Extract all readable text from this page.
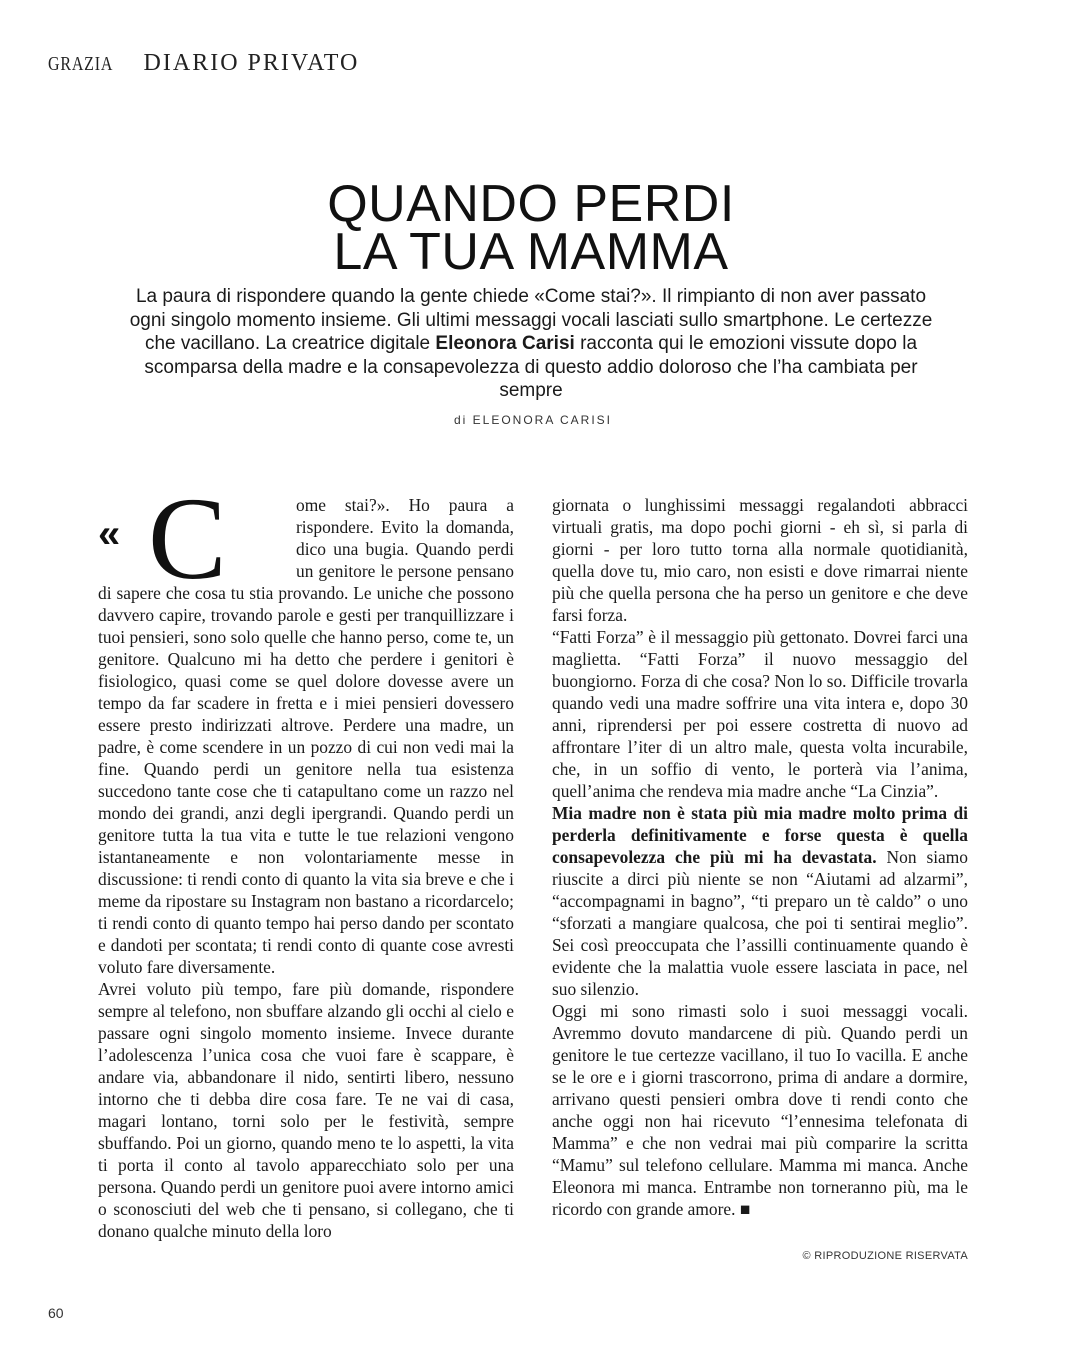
GRAZIA DIARIO PRIVATO
QUANDO PERDI
LA TUA MAMMA
La paura di rispondere quando la gente chiede «Come stai?». Il rimpianto di non aver passato ogni singolo momento insieme. Gli ultimi messaggi vocali lasciati sullo smartphone. Le certezze che vacillano. La creatrice digitale Eleonora Carisi racconta qui le emozioni vissute dopo la scomparsa della madre e la consapevolezza di questo addio doloroso che l’ha cambiata per sempre
di ELEONORA CARISI
« C	ome stai?». Ho paura a rispondere. Evito la domanda, dico una bugia. Quando perdi un genitore le persone pensano di sapere che cosa tu stia provando. Le uniche che possono davvero capire, trovando parole e gesti per tranquillizzare i tuoi pensieri, sono solo quelle che hanno perso, come te, un genitore. Qualcuno mi ha detto che perdere i genitori è fisiologico, quasi come se quel dolore dovesse avere un tempo da far scadere in fretta e i miei pensieri dovessero essere presto indirizzati altrove. Perdere una madre, un padre, è come scendere in un pozzo di cui non vedi mai la fine. Quando perdi un genitore nella tua esistenza succedono tante cose che ti catapultano come un razzo nel mondo dei grandi, anzi degli ipergrandi. Quando perdi un genitore tutta la tua vita e tutte le tue relazioni vengono istantaneamente e non volontariamente messe in discussione: ti rendi conto di quanto la vita sia breve e che i meme da ripostare su Instagram non bastano a ricordarcelo; ti rendi conto di quanto tempo hai perso dando per scontato e dandoti per scontata; ti rendi conto di quante cose avresti voluto fare diversamente.

Avrei voluto più tempo, fare più domande, rispondere sempre al telefono, non sbuffare alzando gli occhi al cielo e passare ogni singolo momento insieme. Invece durante l’adolescenza l’unica cosa che vuoi fare è scappare, è andare via, abbandonare il nido, sentirti libero, nessuno intorno che ti debba dire cosa fare. Te ne vai di casa, magari lontano, torni solo per le festività, sempre sbuffando. Poi un giorno, quando meno te lo aspetti, la vita ti porta il conto al tavolo apparecchiato solo per una persona. Quando perdi un genitore puoi avere intorno amici o sconosciuti del web che ti pensano, si collegano, che ti donano qualche minuto della loro

giornata o lunghissimi messaggi regalandoti abbracci virtuali gratis, ma dopo pochi giorni - eh sì, si parla di giorni - per loro tutto torna alla normale quotidianità, quella dove tu, mio caro, non esisti e dove rimarrai niente più che quella persona che ha perso un genitore e che deve farsi forza.

“Fatti Forza” è il messaggio più gettonato. Dovrei farci una maglietta. “Fatti Forza” il nuovo messaggio del buongiorno. Forza di che cosa? Non lo so. Difficile trovarla quando vedi una madre soffrire una vita intera e, dopo 30 anni, riprendersi per poi essere costretta di nuovo ad affrontare l’iter di un altro male, questa volta incurabile, che, in un soffio di vento, le porterà via l’anima, quell’anima che rendeva mia madre anche “La Cinzia”.

Mia madre non è stata più mia madre molto prima di perderla definitivamente e forse questa è quella consapevolezza che più mi ha devastata. Non siamo riuscite a dirci più niente se non “Aiutami ad alzarmi”, “accompagnami in bagno”, “ti preparo un tè caldo” o uno “sforzati a mangiare qualcosa, che poi ti sentirai meglio”. Sei così preoccupata che l’assilli continuamente quando è evidente che la malattia vuole essere lasciata in pace, nel suo silenzio.

Oggi mi sono rimasti solo i suoi messaggi vocali. Avremmo dovuto mandarcene di più. Quando perdi un genitore le tue certezze vacillano, il tuo Io vacilla. E anche se le ore e i giorni trascorrono, prima di andare a dormire, arrivano questi pensieri ombra dove ti rendi conto che anche oggi non hai ricevuto “l’ennesima telefonata di Mamma” e che non vedrai mai più comparire la scritta “Mamu” sul telefono cellulare. Mamma mi manca. Anche Eleonora mi manca. Entrambe non torneranno più, ma le ricordo con grande amore. ■

© RIPRODUZIONE RISERVATA
60
